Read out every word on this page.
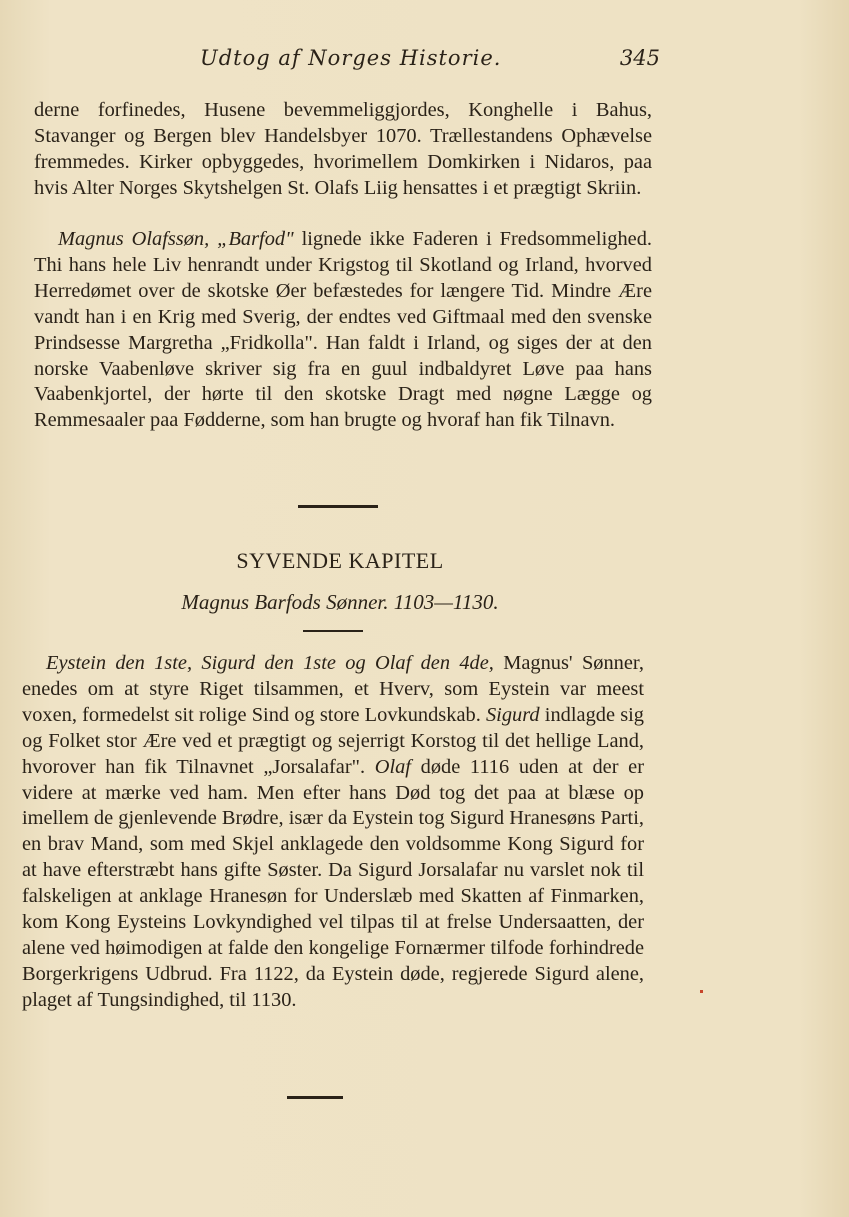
Udtog af Norges Historie.	345
derne forfinedes, Husene bevemmeliggjordes, Konghelle i Bahus, Stavanger og Bergen blev Handelsbyer 1070. Trællestandens Ophævelse fremmedes. Kirker opbyggedes, hvorimellem Domkirken i Nidaros, paa hvis Alter Norges Skytshelgen St. Olafs Liig hensattes i et prægtigt Skriin.
Magnus Olafssøn, „Barfod" lignede ikke Faderen i Fredsommelighed. Thi hans hele Liv henrandt under Krigstog til Skotland og Irland, hvorved Herredømet over de skotske Øer befæstedes for længere Tid. Mindre Ære vandt han i en Krig med Sverig, der endtes ved Giftmaal med den svenske Prindsesse Margretha „Fridkolla". Han faldt i Irland, og siges der at den norske Vaabenløve skriver sig fra en guul indbaldyret Løve paa hans Vaabenkjortel, der hørte til den skotske Dragt med nøgne Lægge og Remmesaaler paa Fødderne, som han brugte og hvoraf han fik Tilnavn.
SYVENDE KAPITEL
Magnus Barfods Sønner. 1103—1130.
Eystein den 1ste, Sigurd den 1ste og Olaf den 4de, Magnus' Sønner, enedes om at styre Riget tilsammen, et Hverv, som Eystein var meest voxen, formedelst sit rolige Sind og store Lovkundskab. Sigurd indlagde sig og Folket stor Ære ved et prægtigt og sejerrigt Korstog til det hellige Land, hvorover han fik Tilnavnet „Jorsalafar". Olaf døde 1116 uden at der er videre at mærke ved ham. Men efter hans Død tog det paa at blæse op imellem de gjenlevende Brødre, især da Eystein tog Sigurd Hranesøns Parti, en brav Mand, som med Skjel anklagede den voldsomme Kong Sigurd for at have efterstræbt hans gifte Søster. Da Sigurd Jorsalafar nu varslet nok til falskeligen at anklage Hranesøn for Underslæb med Skatten af Finmarken, kom Kong Eysteins Lovkyndighed vel tilpas til at frelse Undersaatten, der alene ved høimodigen at falde den kongelige Fornærmer tilfode forhindrede Borgerkrigens Udbrud. Fra 1122, da Eystein døde, regjerede Sigurd alene, plaget af Tungsindighed, til 1130.
